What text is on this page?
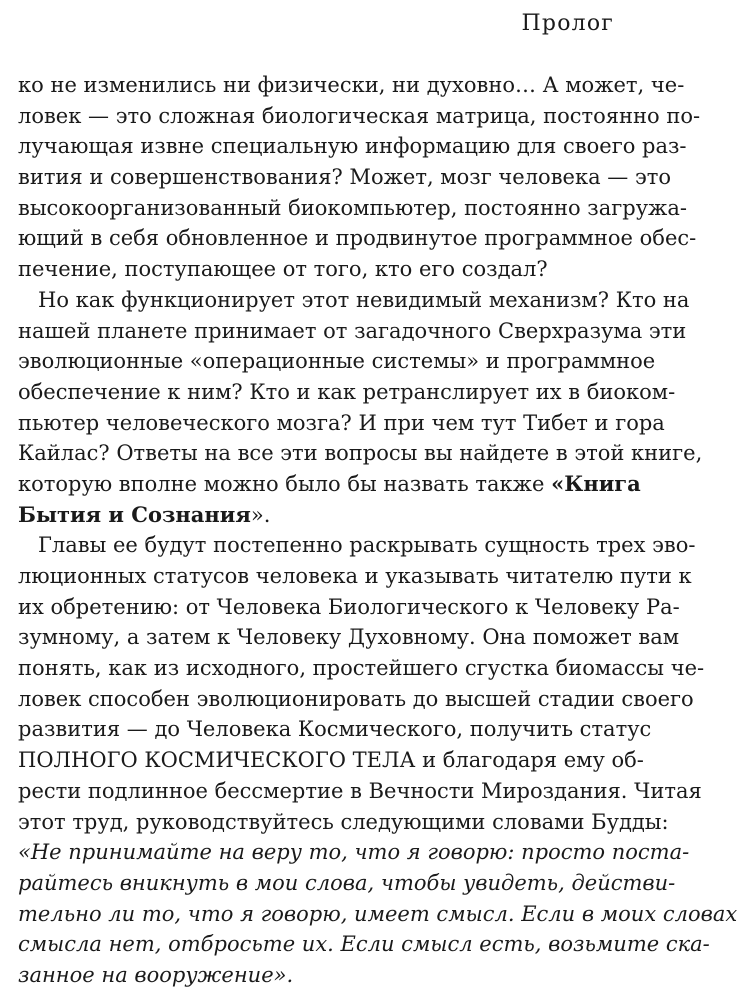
Пролог
ко не изменились ни физически, ни духовно… А может, че-
ловек — это сложная биологическая матрица, постоянно по-
лучающая извне специальную информацию для своего раз-
вития и совершенствования? Может, мозг человека — это
высокоорганизованный биокомпьютер, постоянно загружа-
ющий в себя обновленное и продвинутое программное обес-
печение, поступающее от того, кто его создал?
Но как функционирует этот невидимый механизм? Кто на
нашей планете принимает от загадочного Сверхразума эти
эволюционные «операционные системы» и программное
обеспечение к ним? Кто и как ретранслирует их в биоком-
пьютер человеческого мозга? И при чем тут Тибет и гора
Кайлас? Ответы на все эти вопросы вы найдете в этой книге,
которую вполне можно было бы назвать также «Книга
Бытия и Сознания».
Главы ее будут постепенно раскрывать сущность трех эво-
люционных статусов человека и указывать читателю пути к
их обретению: от Человека Биологического к Человеку Ра-
зумному, а затем к Человеку Духовному. Она поможет вам
понять, как из исходного, простейшего сгустка биомассы че-
ловек способен эволюционировать до высшей стадии своего
развития — до Человека Космического, получить статус
ПОЛНОГО КОСМИЧЕСКОГО ТЕЛА и благодаря ему об-
рести подлинное бессмертие в Вечности Мироздания. Читая
этот труд, руководствуйтесь следующими словами Будды:
«Не принимайте на веру то, что я говорю: просто поста-
райтесь вникнуть в мои слова, чтобы увидеть, действи-
тельно ли то, что я говорю, имеет смысл. Если в моих словах
смысла нет, отбросьте их. Если смысл есть, возьмите ска-
занное на вооружение».
